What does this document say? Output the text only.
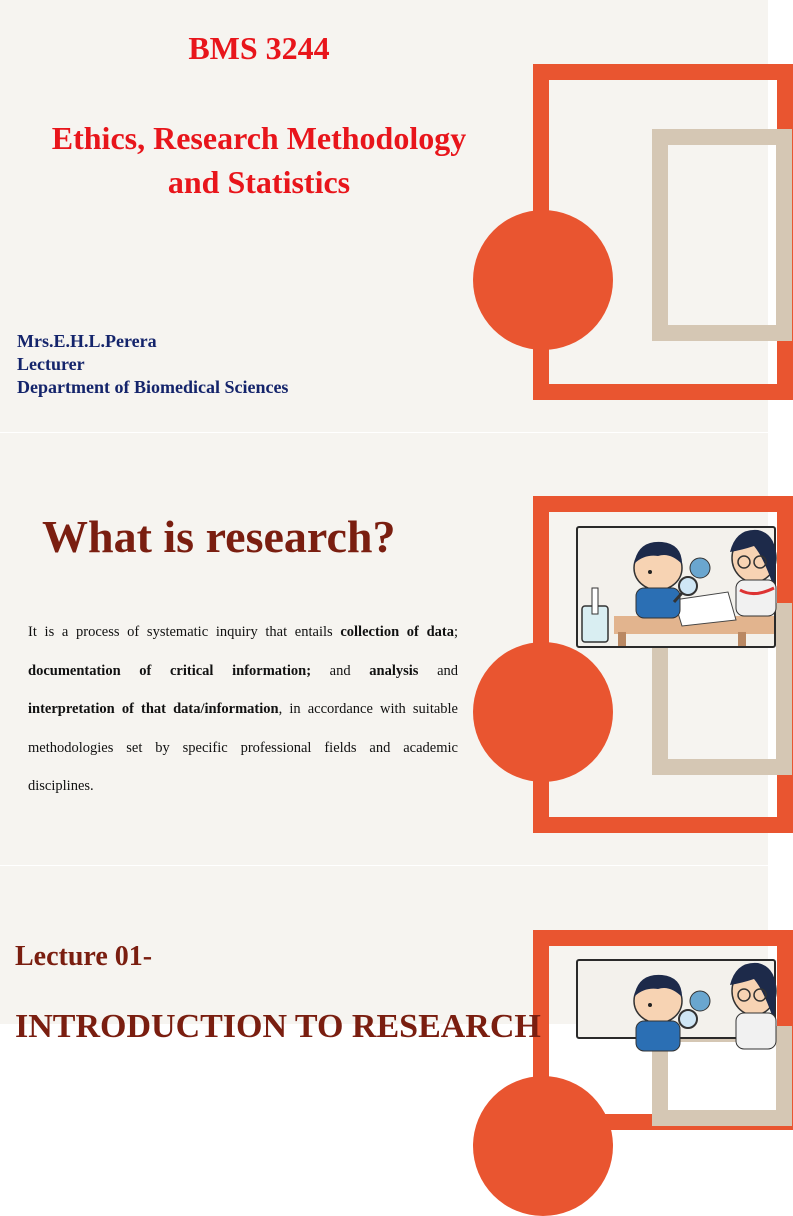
BMS 3244
Ethics, Research Methodology
and Statistics
Mrs.E.H.L.Perera
Lecturer
Department of Biomedical Sciences
What is research?

It is a process of systematic inquiry that entails collection of data; documentation of critical information; and analysis and interpretation of that data/information, in accordance with suitable methodologies set by specific professional fields and academic disciplines.

Lecture 01-
INTRODUCTION TO RESEARCH
